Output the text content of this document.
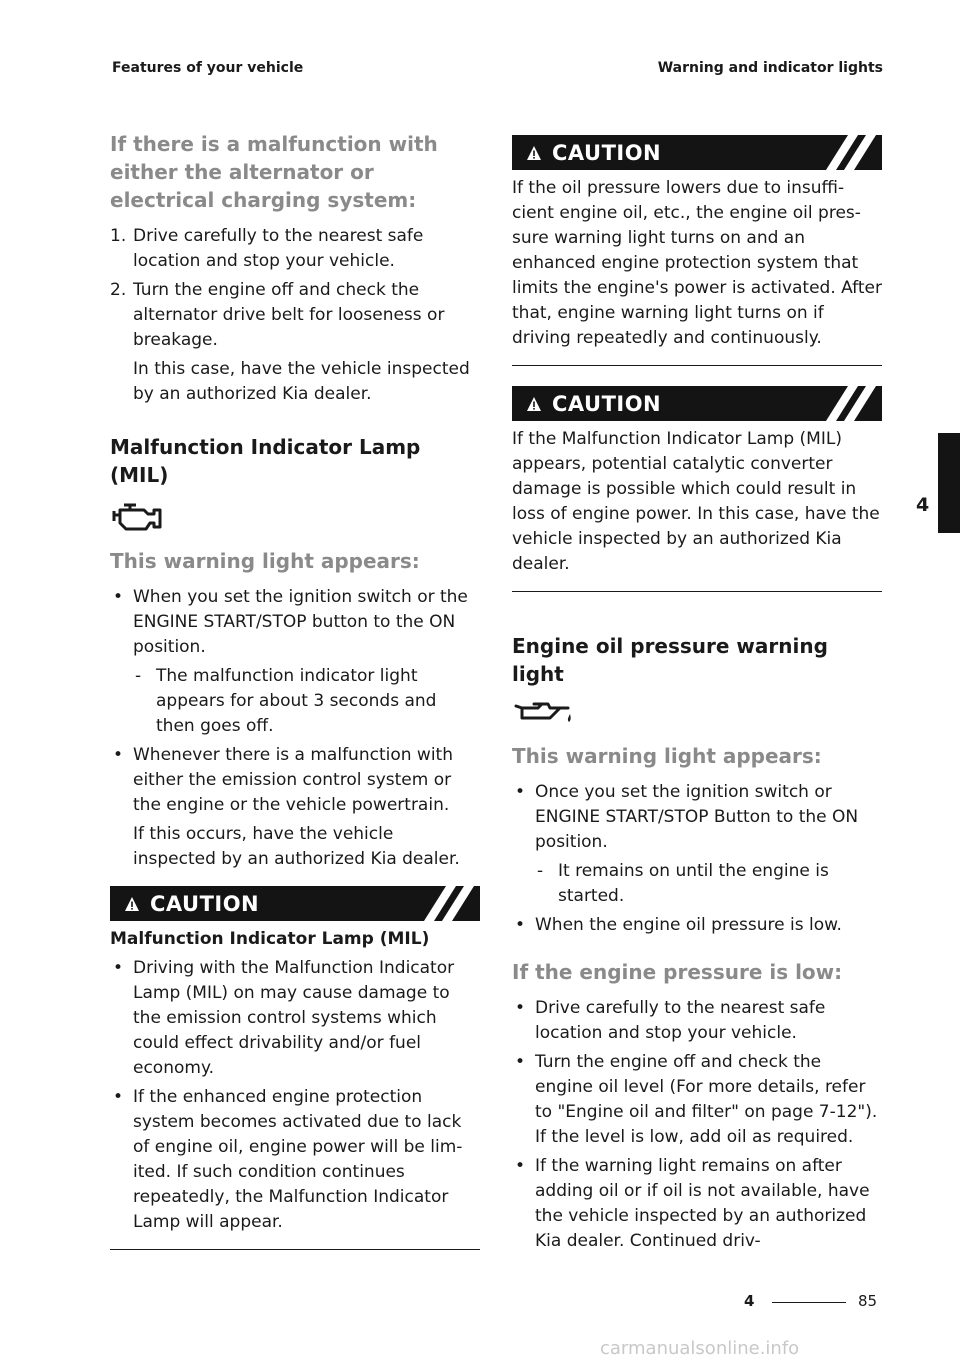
Features of your vehicle	Warning and indicator lights
If there is a malfunction with either the alternator or electrical charging system:
1. Drive carefully to the nearest safe location and stop your vehicle.
2. Turn the engine off and check the alternator drive belt for looseness or breakage.

In this case, have the vehicle inspected by an authorized Kia dealer.

Malfunction Indicator Lamp (MIL)
This warning light appears:
• When you set the ignition switch or the ENGINE START/STOP button to the ON position.
- The malfunction indicator light appears for about 3 seconds and then goes off.
• Whenever there is a malfunction with either the emission control system or the engine or the vehicle powertrain.

If this occurs, have the vehicle inspected by an authorized Kia dealer.

CAUTION

Malfunction Indicator Lamp (MIL)

• Driving with the Malfunction Indicator Lamp (MIL) on may cause damage to the emission control systems which could effect drivability and/or fuel economy.
• If the enhanced engine protection system becomes activated due to lack of engine oil, engine power will be lim-ited. If such condition continues repeatedly, the Malfunction Indicator Lamp will appear.
CAUTION

If the oil pressure lowers due to insuffi-cient engine oil, etc., the engine oil pres-sure warning light turns on and an enhanced engine protection system that limits the engine's power is activated. After that, engine warning light turns on if driving repeatedly and continuously.

CAUTION

If the Malfunction Indicator Lamp (MIL) appears, potential catalytic converter damage is possible which could result in loss of engine power. In this case, have the vehicle inspected by an authorized Kia dealer.

Engine oil pressure warning light
This warning light appears:
• Once you set the ignition switch or ENGINE START/STOP Button to the ON position.
- It remains on until the engine is started.
• When the engine oil pressure is low.
If the engine pressure is low:
• Drive carefully to the nearest safe location and stop your vehicle.
• Turn the engine off and check the engine oil level (For more details, refer to "Engine oil and filter" on page 7-12"). If the level is low, add oil as required.
• If the warning light remains on after adding oil or if oil is not available, have the vehicle inspected by an authorized Kia dealer. Continued driv-
4
4	85
carmanualsonline.info
